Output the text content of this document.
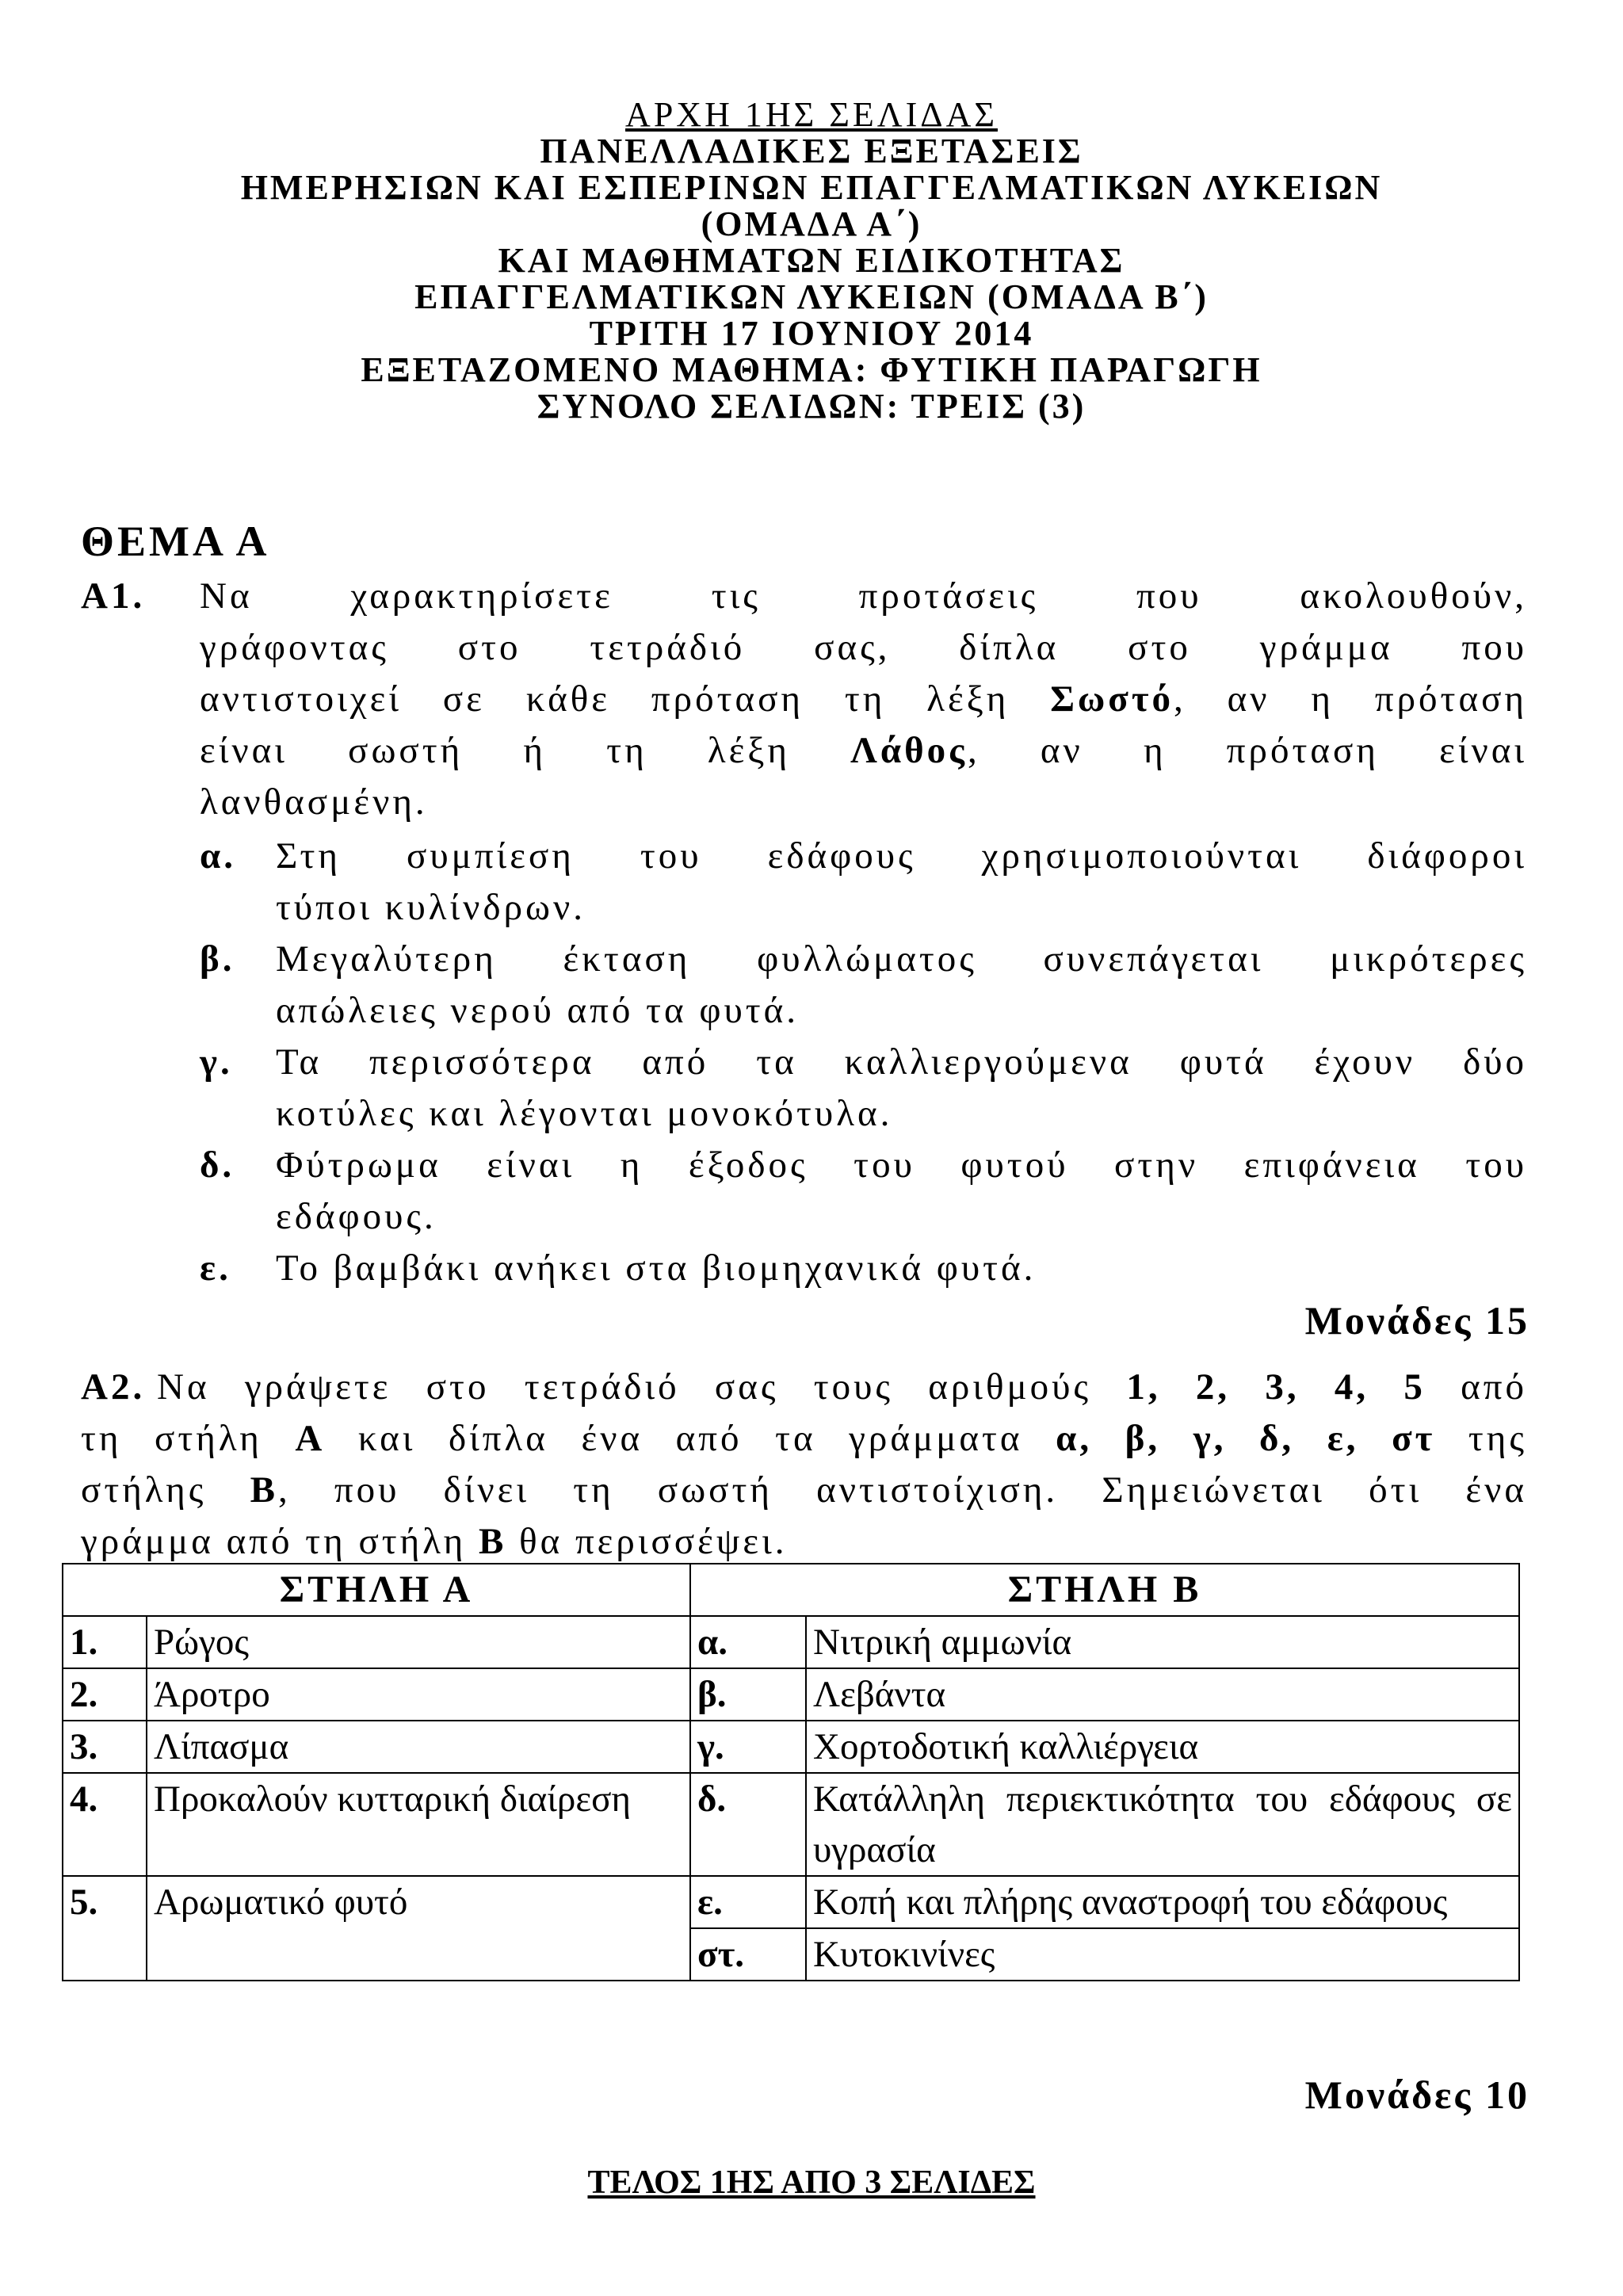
ΑΡΧΗ 1ΗΣ ΣΕΛΙΔΑΣ
ΠΑΝΕΛΛΑΔΙΚΕΣ ΕΞΕΤΑΣΕΙΣ
ΗΜΕΡΗΣΙΩΝ ΚΑΙ ΕΣΠΕΡΙΝΩΝ ΕΠΑΓΓΕΛΜΑΤΙΚΩΝ ΛΥΚΕΙΩΝ
(ΟΜΑΔΑ Α΄)
ΚΑΙ ΜΑΘΗΜΑΤΩΝ ΕΙΔΙΚΟΤΗΤΑΣ
ΕΠΑΓΓΕΛΜΑΤΙΚΩΝ ΛΥΚΕΙΩΝ (ΟΜΑΔΑ Β΄)
ΤΡΙΤΗ 17 ΙΟΥΝΙΟΥ 2014
ΕΞΕΤΑΖΟΜΕΝΟ ΜΑΘΗΜΑ: ΦΥΤΙΚΗ ΠΑΡΑΓΩΓΗ
ΣΥΝΟΛΟ ΣΕΛΙΔΩΝ: ΤΡΕΙΣ (3)
ΘΕΜΑ Α
Α1. Να χαρακτηρίσετε τις προτάσεις που ακολουθούν,
γράφοντας στο τετράδιό σας, δίπλα στο γράμμα που
αντιστοιχεί σε κάθε πρόταση τη λέξη Σωστό, αν η πρόταση
είναι σωστή ή τη λέξη Λάθος, αν η πρόταση είναι
λανθασμένη.
α. Στη συμπίεση του εδάφους χρησιμοποιούνται διάφοροι
τύποι κυλίνδρων.
β. Μεγαλύτερη έκταση φυλλώματος συνεπάγεται μικρότερες
απώλειες νερού από τα φυτά.
γ. Τα περισσότερα από τα καλλιεργούμενα φυτά έχουν δύο
κοτύλες και λέγονται μονοκότυλα.
δ. Φύτρωμα είναι η έξοδος του φυτού στην επιφάνεια του
εδάφους.
ε. Το βαμβάκι ανήκει στα βιομηχανικά φυτά.
Μονάδες 15
Α2. Να γράψετε στο τετράδιό σας τους αριθμούς 1, 2, 3, 4, 5 από
τη στήλη Α και δίπλα ένα από τα γράμματα α, β, γ, δ, ε, στ της
στήλης Β, που δίνει τη σωστή αντιστοίχιση. Σημειώνεται ότι ένα
γράμμα από τη στήλη Β θα περισσέψει.
ΣΤΗΛΗ Α		ΣΤΗΛΗ Β	
1.	Ρώγος	α.	Νιτρική αμμωνία
2.	Άροτρο	β.	Λεβάντα
3.	Λίπασμα	γ.	Χορτοδοτική καλλιέργεια
4.	Προκαλούν κυτταρική διαίρεση	δ.	Κατάλληλη περιεκτικότητα του εδάφους σε υγρασία
5.	Αρωματικό φυτό	ε.	Κοπή και πλήρης αναστροφή του εδάφους
		στ.	Κυτοκινίνες
Μονάδες 10
ΤΕΛΟΣ 1ΗΣ ΑΠΟ 3 ΣΕΛΙΔΕΣ
